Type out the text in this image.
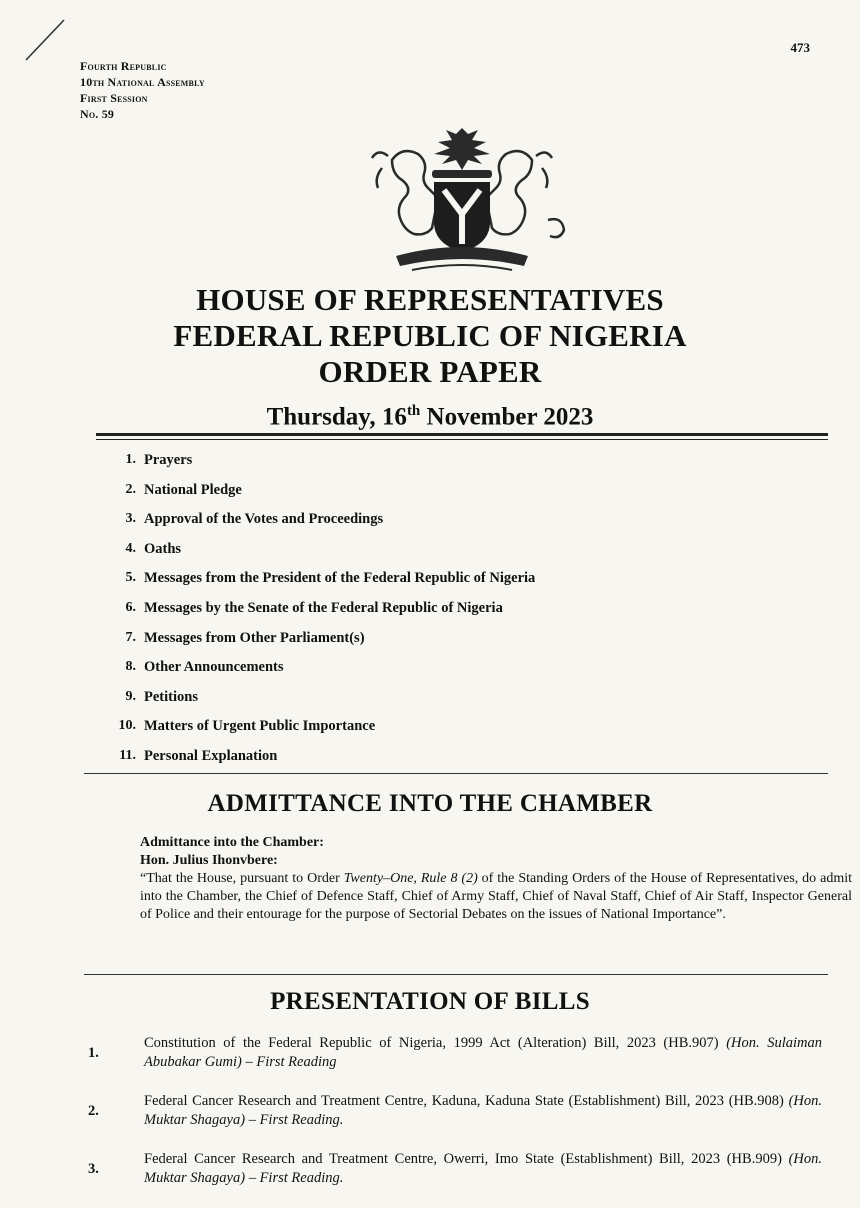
473
Fourth Republic
10th National Assembly
First Session
No. 59
HOUSE OF REPRESENTATIVES
FEDERAL REPUBLIC OF NIGERIA
ORDER PAPER
Thursday, 16th November 2023
1. Prayers
2. National Pledge
3. Approval of the Votes and Proceedings
4. Oaths
5. Messages from the President of the Federal Republic of Nigeria
6. Messages by the Senate of the Federal Republic of Nigeria
7. Messages from Other Parliament(s)
8. Other Announcements
9. Petitions
10. Matters of Urgent Public Importance
11. Personal Explanation
ADMITTANCE INTO THE CHAMBER
Admittance into the Chamber:
Hon. Julius Ihonvbere:
“That the House, pursuant to Order Twenty–One, Rule 8 (2) of the Standing Orders of the House of Representatives, do admit into the Chamber, the Chief of Defence Staff, Chief of Army Staff, Chief of Naval Staff, Chief of Air Staff, Inspector General of Police and their entourage for the purpose of Sectorial Debates on the issues of National Importance”.
PRESENTATION OF BILLS
1.
Constitution of the Federal Republic of Nigeria, 1999 Act (Alteration) Bill, 2023 (HB.907) (Hon. Sulaiman Abubakar Gumi) – First Reading
2.
Federal Cancer Research and Treatment Centre, Kaduna, Kaduna State (Establishment) Bill, 2023 (HB.908) (Hon. Muktar Shagaya) – First Reading.
3.
Federal Cancer Research and Treatment Centre, Owerri, Imo State (Establishment) Bill, 2023 (HB.909) (Hon. Muktar Shagaya) – First Reading.
